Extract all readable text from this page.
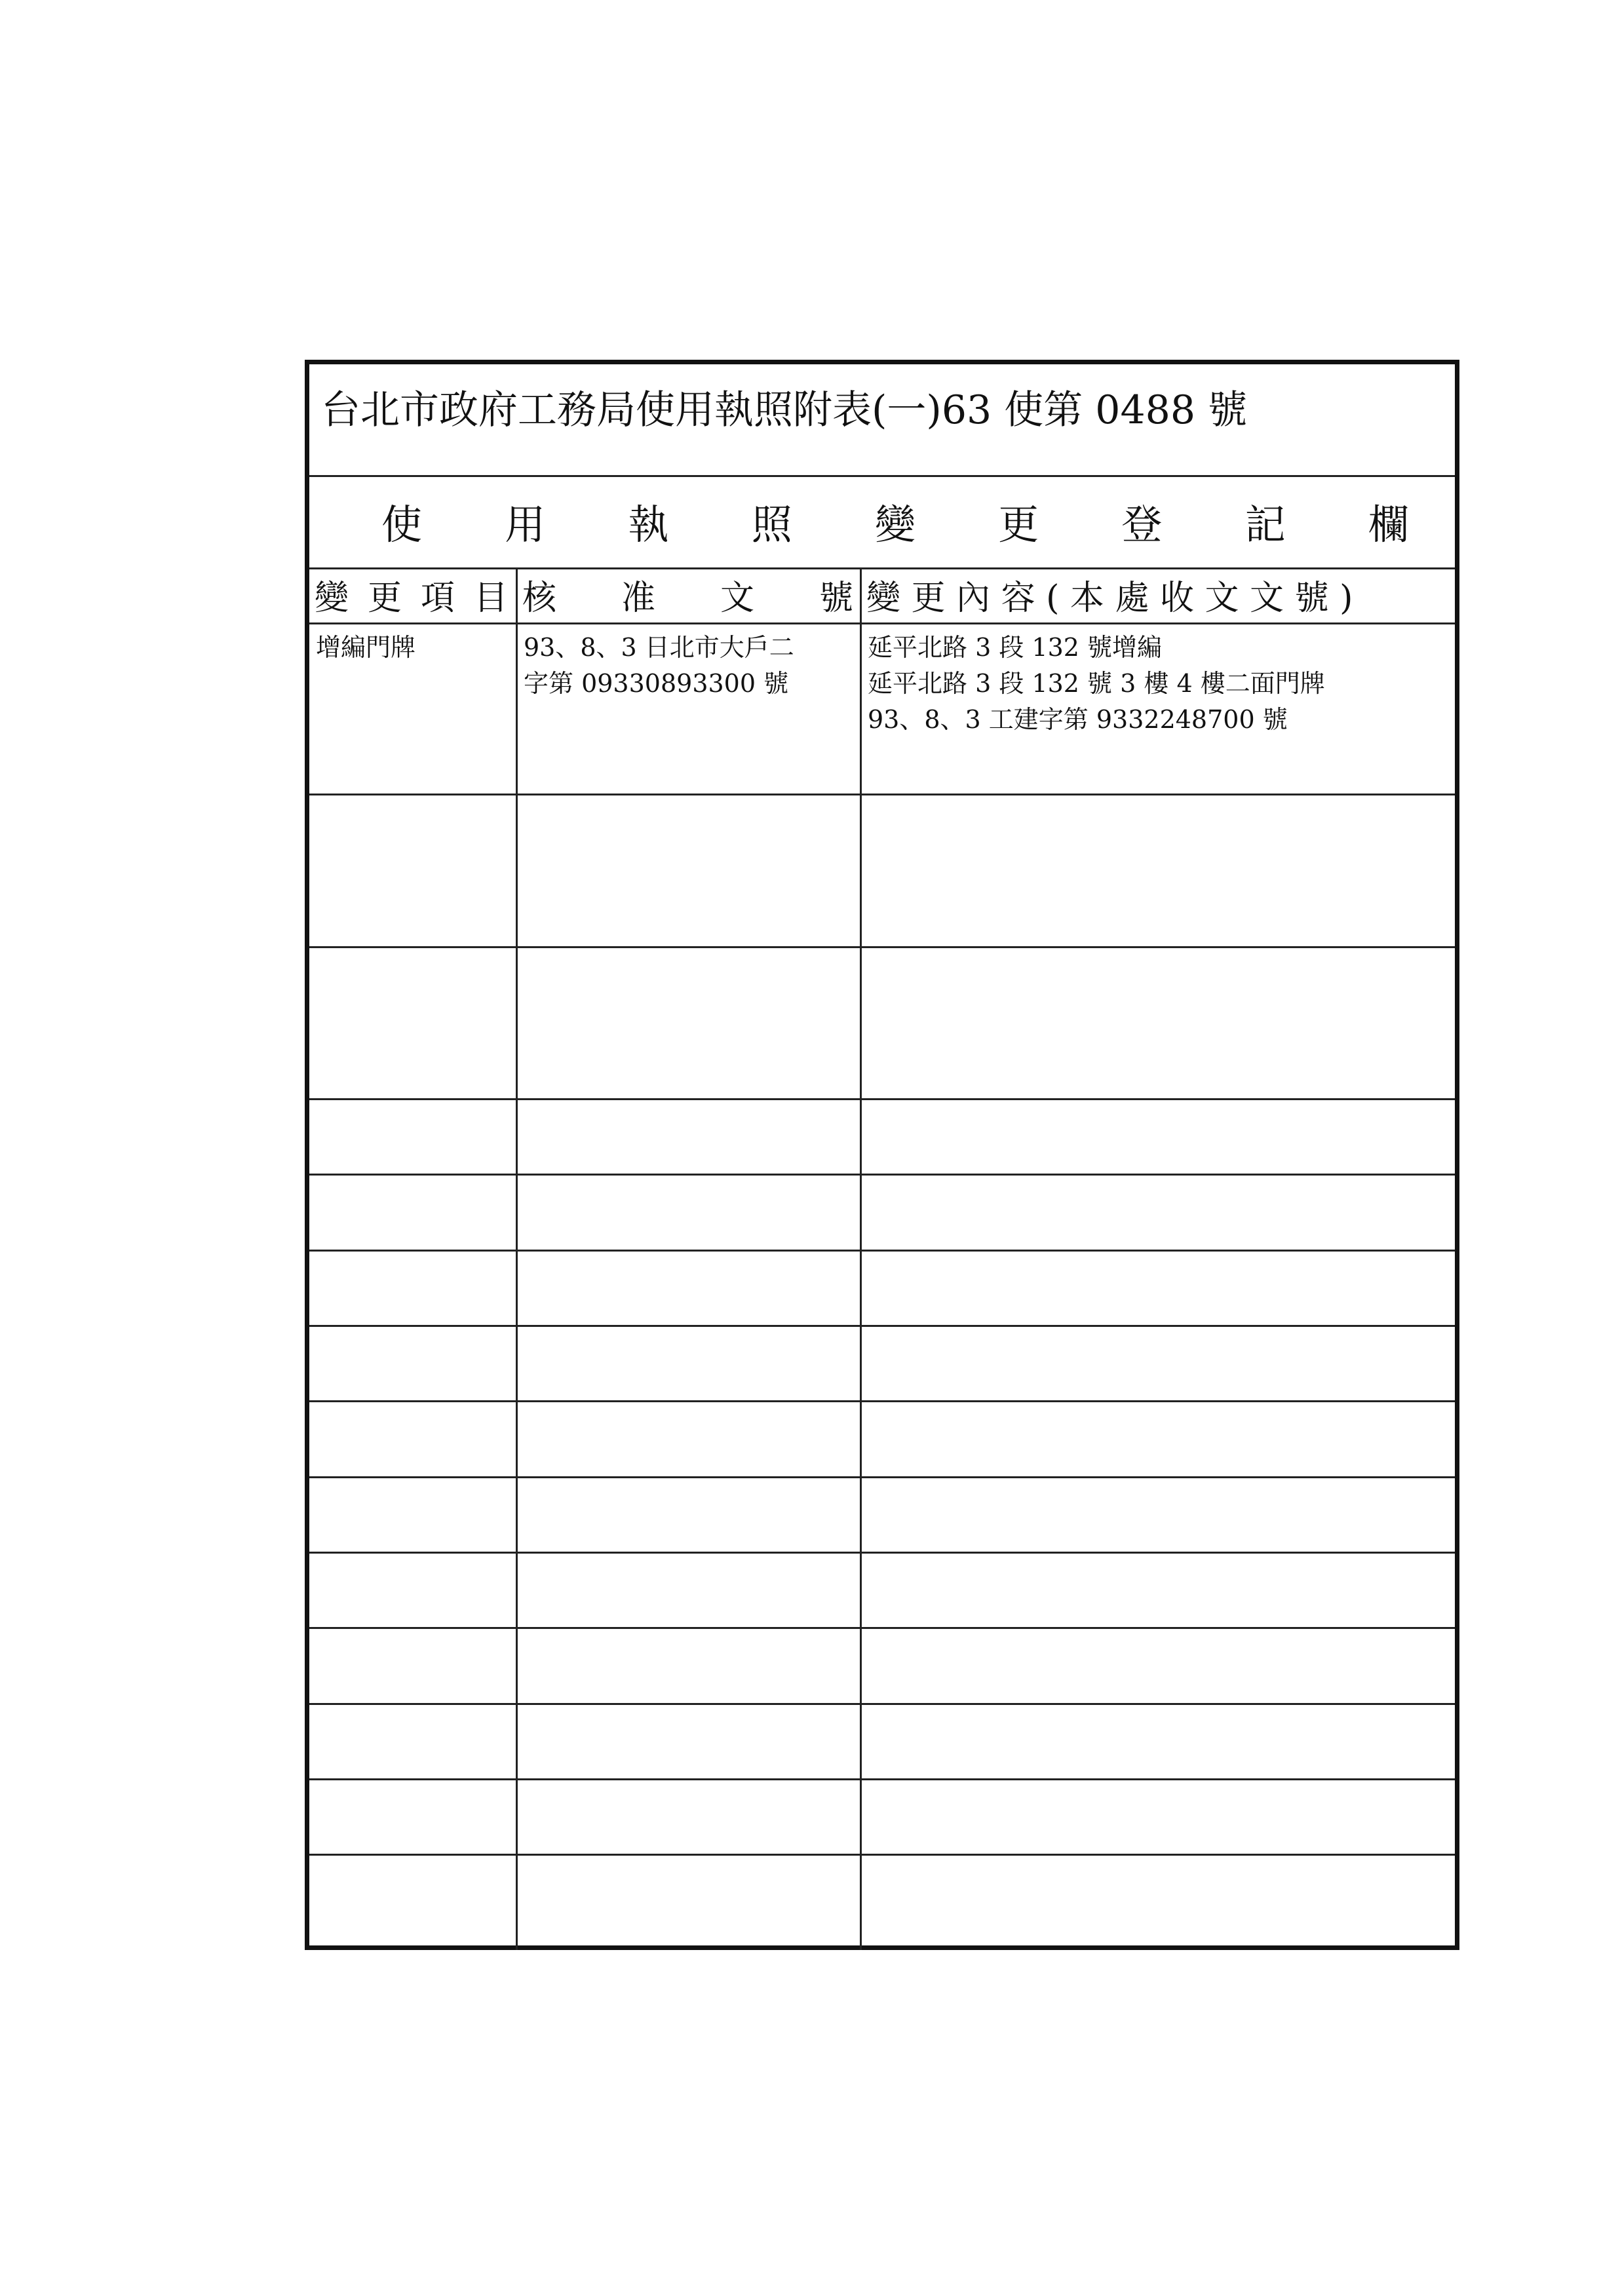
台北市政府工務局使用執照附表(一)63 使第 0488 號
使 用 執 照 變 更 登 記 欄
變 更 項 目 核 准 文 號 變 更 內 容 ( 本 處 收 文 文 號 )
增編門牌	93、8、3 日北市大戶二
字第 09330893300 號
延平北路 3 段 132 號增編
延平北路 3 段 132 號 3 樓 4 樓二面門牌
93、8、3 工建字第 9332248700 號
